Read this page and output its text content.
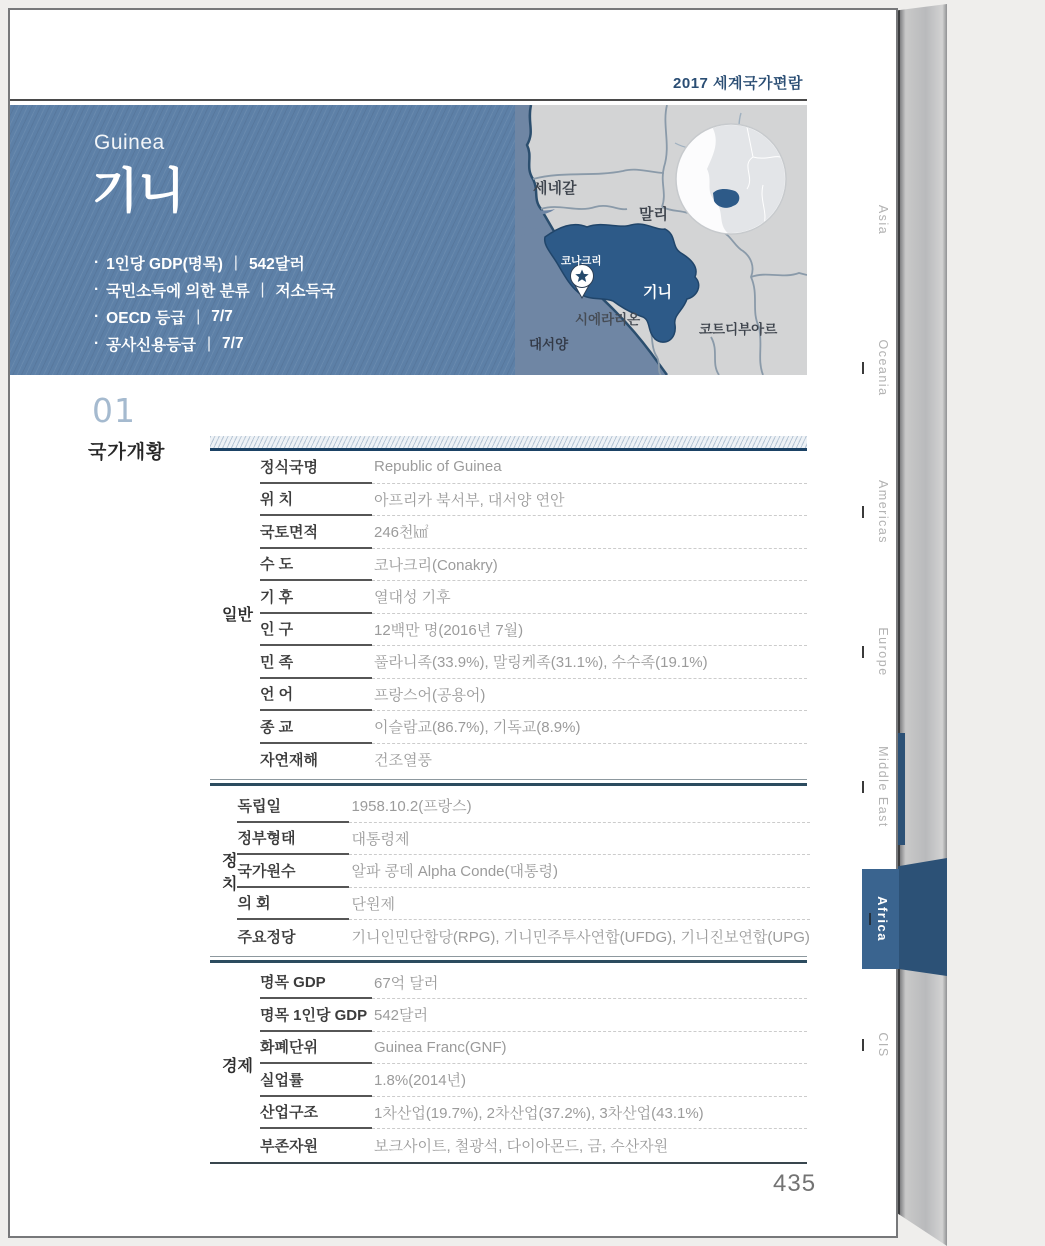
2017 세계국가편람
Guinea
기니
· 1인당 GDP(명목) | 542달러
· 국민소득에 의한 분류 | 저소득국
· OECD 등급 | 7/7
· 공사신용등급 | 7/7
세네갈
말리
코나크리
기니
시에라리온
코트디부아르
대서양
01
국가개황
일반
정식국명	Republic of Guinea
위 치	아프리카 북서부, 대서양 연안
국토면적	246천㎢
수 도	코나크리(Conakry)
기 후	열대성 기후
인 구	12백만 명(2016년 7월)
민 족	풀라니족(33.9%), 말링케족(31.1%), 수수족(19.1%)
언 어	프랑스어(공용어)
종 교	이슬람교(86.7%), 기독교(8.9%)
자연재해	건조열풍
정치
독립일	1958.10.2(프랑스)
정부형태	대통령제
국가원수	알파 콩데 Alpha Conde(대통령)
의 회	단원제
주요정당	기니인민단합당(RPG), 기니민주투사연합(UFDG), 기니진보연합(UPG)
경제
명목 GDP	67억 달러
명목 1인당 GDP 542달러
화폐단위	Guinea Franc(GNF)
실업률	1.8%(2014년)
산업구조	1차산업(19.7%), 2차산업(37.2%), 3차산업(43.1%)
부존자원	보크사이트, 철광석, 다이아몬드, 금, 수산자원
Asia
Oceania
Americas
Europe
Middle East
Africa
CIS
435
